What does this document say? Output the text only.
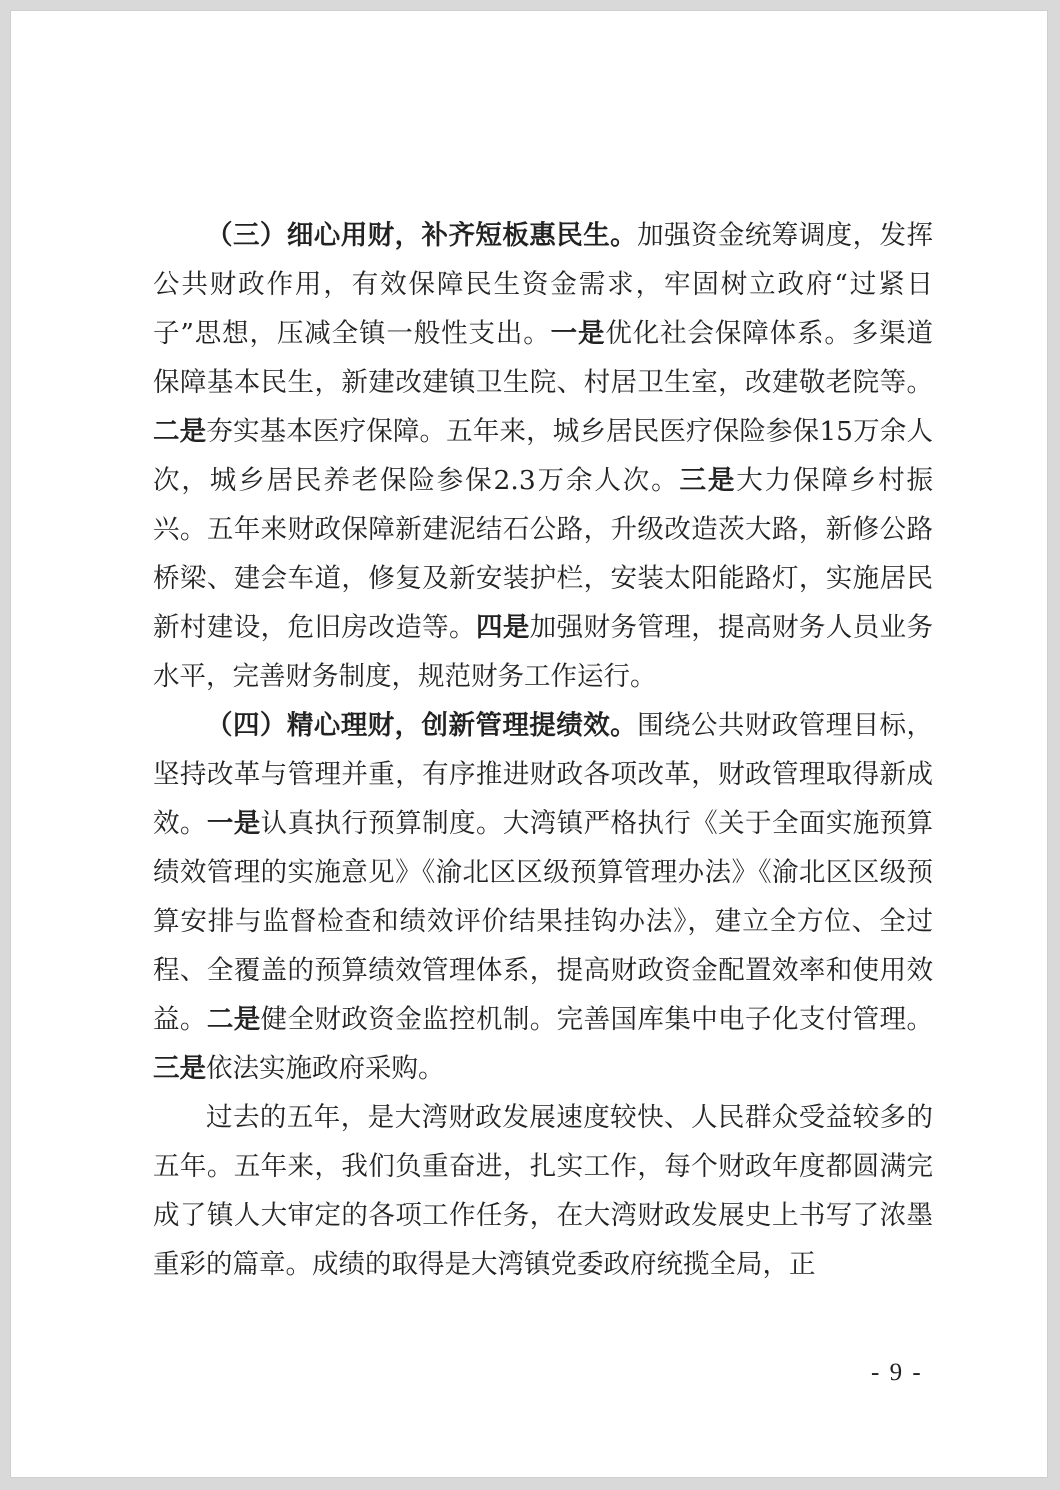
（三）细心用财，补齐短板惠民生。加强资金统筹调度，发挥公共财政作用，有效保障民生资金需求，牢固树立政府“过紧日子”思想，压减全镇一般性支出。一是优化社会保障体系。多渠道保障基本民生，新建改建镇卫生院、村居卫生室，改建敬老院等。二是夯实基本医疗保障。五年来，城乡居民医疗保险参保15万余人次，城乡居民养老保险参保2.3万余人次。三是大力保障乡村振兴。五年来财政保障新建泥结石公路，升级改造茨大路，新修公路桥梁、建会车道，修复及新安装护栏，安装太阳能路灯，实施居民新村建设，危旧房改造等。四是加强财务管理，提高财务人员业务水平，完善财务制度，规范财务工作运行。

（四）精心理财，创新管理提绩效。围绕公共财政管理目标，坚持改革与管理并重，有序推进财政各项改革，财政管理取得新成效。一是认真执行预算制度。大湾镇严格执行《关于全面实施预算绩效管理的实施意见》《渝北区区级预算管理办法》《渝北区区级预算安排与监督检查和绩效评价结果挂钩办法》，建立全方位、全过程、全覆盖的预算绩效管理体系，提高财政资金配置效率和使用效益。二是健全财政资金监控机制。完善国库集中电子化支付管理。三是依法实施政府采购。

过去的五年，是大湾财政发展速度较快、人民群众受益较多的五年。五年来，我们负重奋进，扎实工作，每个财政年度都圆满完成了镇人大审定的各项工作任务，在大湾财政发展史上书写了浓墨重彩的篇章。成绩的取得是大湾镇党委政府统揽全局，正

- 9 -
